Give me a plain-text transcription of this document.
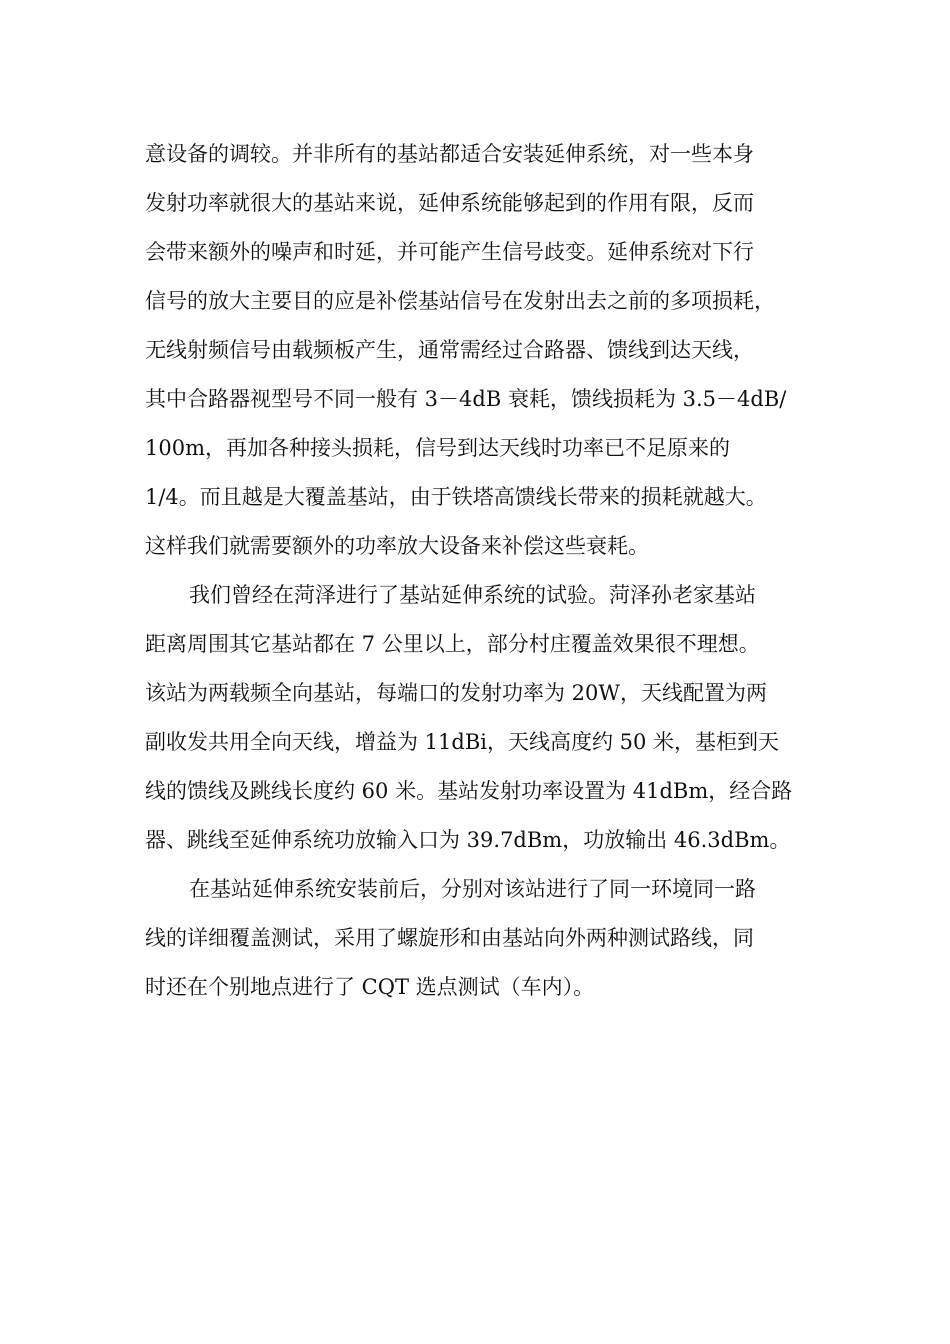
意设备的调较。并非所有的基站都适合安装延伸系统，对一些本身
发射功率就很大的基站来说，延伸系统能够起到的作用有限，反而
会带来额外的噪声和时延，并可能产生信号歧变。延伸系统对下行
信号的放大主要目的应是补偿基站信号在发射出去之前的多项损耗，
无线射频信号由载频板产生，通常需经过合路器、馈线到达天线，
其中合路器视型号不同一般有 3－4dB 衰耗，馈线损耗为 3.5－4dB/
100m，再加各种接头损耗，信号到达天线时功率已不足原来的
1/4。而且越是大覆盖基站，由于铁塔高馈线长带来的损耗就越大。
这样我们就需要额外的功率放大设备来补偿这些衰耗。
我们曾经在菏泽进行了基站延伸系统的试验。菏泽孙老家基站
距离周围其它基站都在 7 公里以上，部分村庄覆盖效果很不理想。
该站为两载频全向基站，每端口的发射功率为 20W，天线配置为两
副收发共用全向天线，增益为 11dBi，天线高度约 50 米，基柜到天
线的馈线及跳线长度约 60 米。基站发射功率设置为 41dBm，经合路
器、跳线至延伸系统功放输入口为 39.7dBm，功放输出 46.3dBm。
在基站延伸系统安装前后，分别对该站进行了同一环境同一路
线的详细覆盖测试，采用了螺旋形和由基站向外两种测试路线，同
时还在个别地点进行了 CQT 选点测试（车内）。
